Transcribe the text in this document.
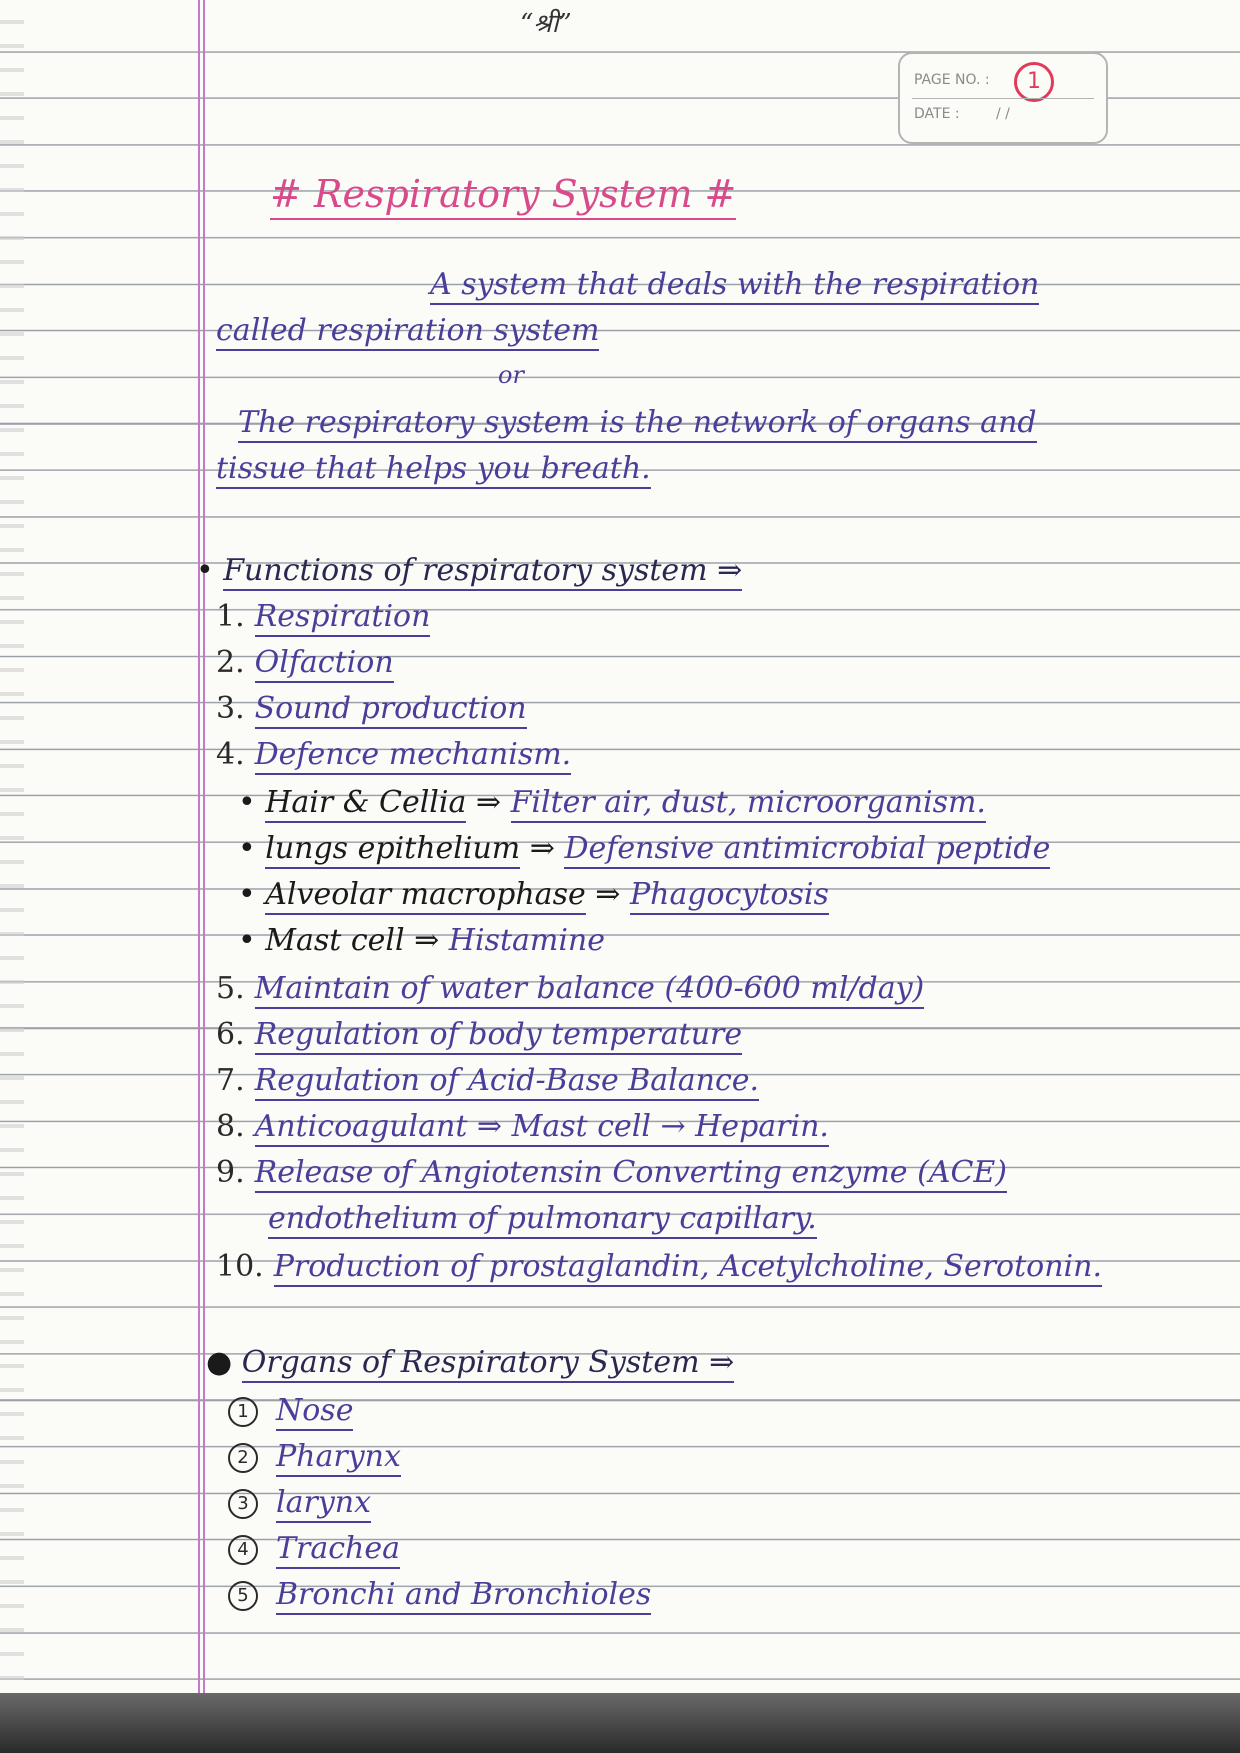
“श्री”
PAGE NO. :	1
DATE :	/ /
# Respiratory System #
A system that deals with the respiration
called respiration system
or
The respiratory system is the network of organs and
tissue that helps you breath.
• Functions of respiratory system ⇒
1. Respiration
2. Olfaction
3. Sound production
4. Defence mechanism.
• Hair & Cellia ⇒ Filter air, dust, microorganism.
• lungs epithelium ⇒ Defensive antimicrobial peptide
• Alveolar macrophase ⇒ Phagocytosis
• Mast cell ⇒ Histamine
5. Maintain of water balance (400-600 ml/day)
6. Regulation of body temperature
7. Regulation of Acid-Base Balance.
8. Anticoagulant ⇒ Mast cell → Heparin.
9. Release of Angiotensin Converting enzyme (ACE)
endothelium of pulmonary capillary.
10. Production of prostaglandin, Acetylcholine, Serotonin.
● Organs of Respiratory System ⇒
1 Nose
2 Pharynx
3 larynx
4 Trachea
5 Bronchi and Bronchioles
